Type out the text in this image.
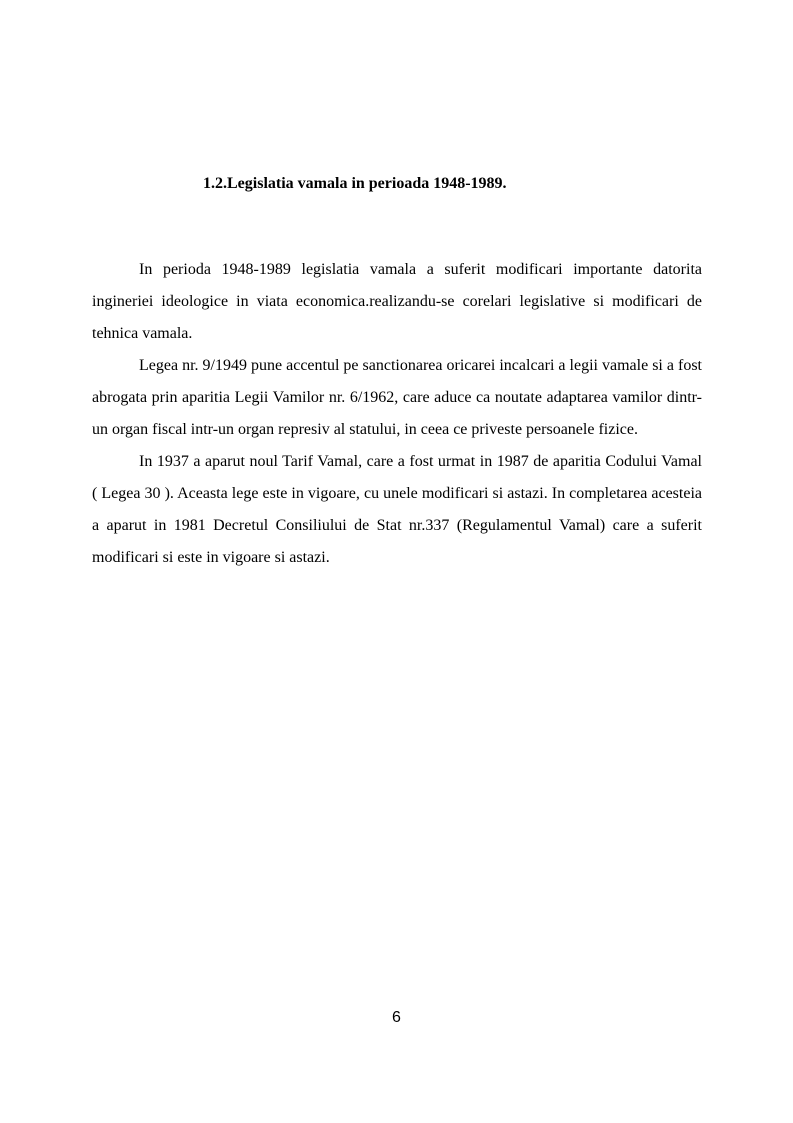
1.2.Legislatia vamala in perioada 1948-1989.

In perioda 1948-1989 legislatia vamala a suferit modificari importante datorita ingineriei ideologice in viata economica.realizandu-se corelari legislative si modificari de tehnica vamala.

Legea nr. 9/1949 pune accentul pe sanctionarea oricarei incalcari a legii vamale si a fost abrogata prin aparitia Legii Vamilor nr. 6/1962, care aduce ca noutate adaptarea vamilor dintr-un organ fiscal intr-un organ represiv al statului, in ceea ce priveste persoanele fizice.

In 1937 a aparut noul Tarif Vamal, care a fost urmat in 1987 de aparitia Codului Vamal ( Legea 30 ). Aceasta lege este in vigoare, cu unele modificari si astazi. In completarea acesteia a aparut in 1981 Decretul Consiliului de Stat nr.337 (Regulamentul Vamal) care a suferit modificari si este in vigoare si astazi.

6
